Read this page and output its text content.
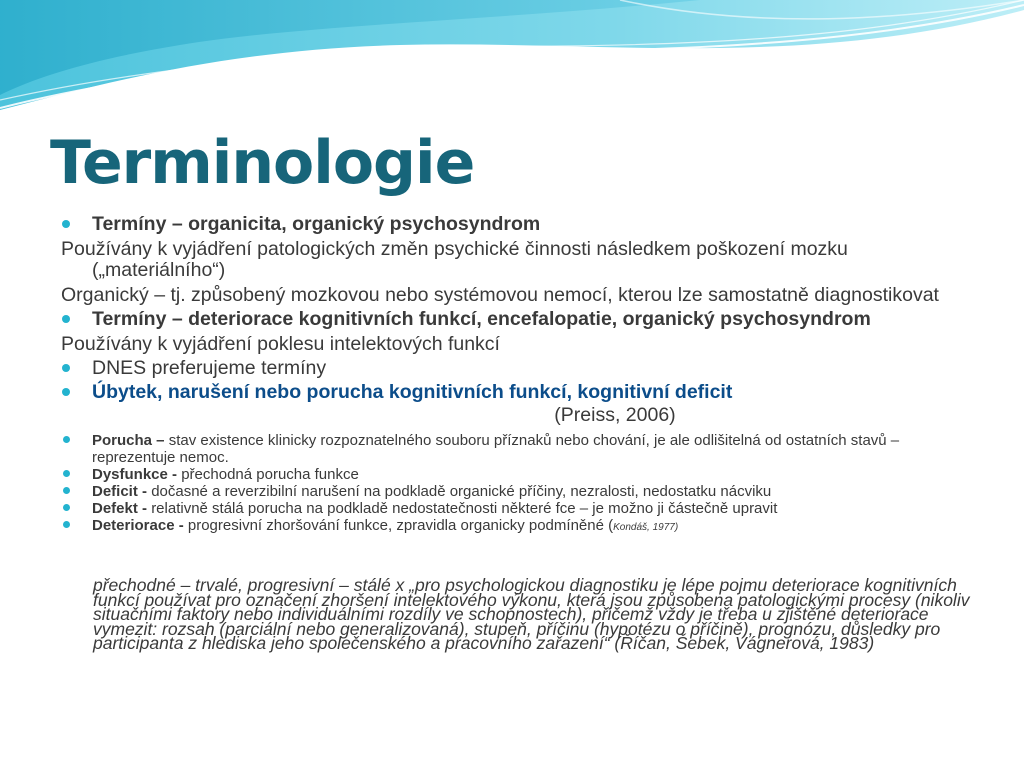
Terminologie
Termíny – organicita, organický psychosyndrom
Používány k vyjádření patologických změn psychické činnosti následkem poškození mozku („materiálního“)
Organický – tj. způsobený mozkovou nebo systémovou nemocí, kterou lze samostatně diagnostikovat
Termíny – deteriorace kognitivních funkcí, encefalopatie, organický psychosyndrom
Používány k vyjádření poklesu intelektových funkcí
DNES preferujeme termíny
Úbytek, narušení nebo porucha kognitivních funkcí, kognitivní deficit
(Preiss, 2006)
Porucha – stav existence klinicky rozpoznatelného souboru příznaků nebo chování, je ale odlišitelná od ostatních stavů – reprezentuje nemoc.
Dysfunkce - přechodná porucha funkce
Deficit - dočasné a reverzibilní narušení na podkladě organické příčiny, nezralosti, nedostatku nácviku
Defekt - relativně stálá porucha na podkladě nedostatečnosti některé fce – je možno ji částečně upravit
Deteriorace - progresivní zhoršování funkce, zpravidla organicky podmíněné (Kondáš, 1977)
přechodné – trvalé, progresivní – stálé x „pro psychologickou diagnostiku je lépe pojmu deteriorace kognitivních funkcí používat pro označení zhoršení intelektového výkonu, která jsou způsobena patologickými procesy (nikoliv situačními faktory nebo individuálními rozdíly ve schopnostech), přičemž vždy je třeba u zjištěné deteriorace vymezit: rozsah (parciální nebo generalizovaná), stupeň, příčinu (hypotézu o příčině), prognózu, důsledky pro participanta z hlediska jeho společenského a pracovního zařazení“ (Říčan, Šebek, Vágnerová, 1983)
